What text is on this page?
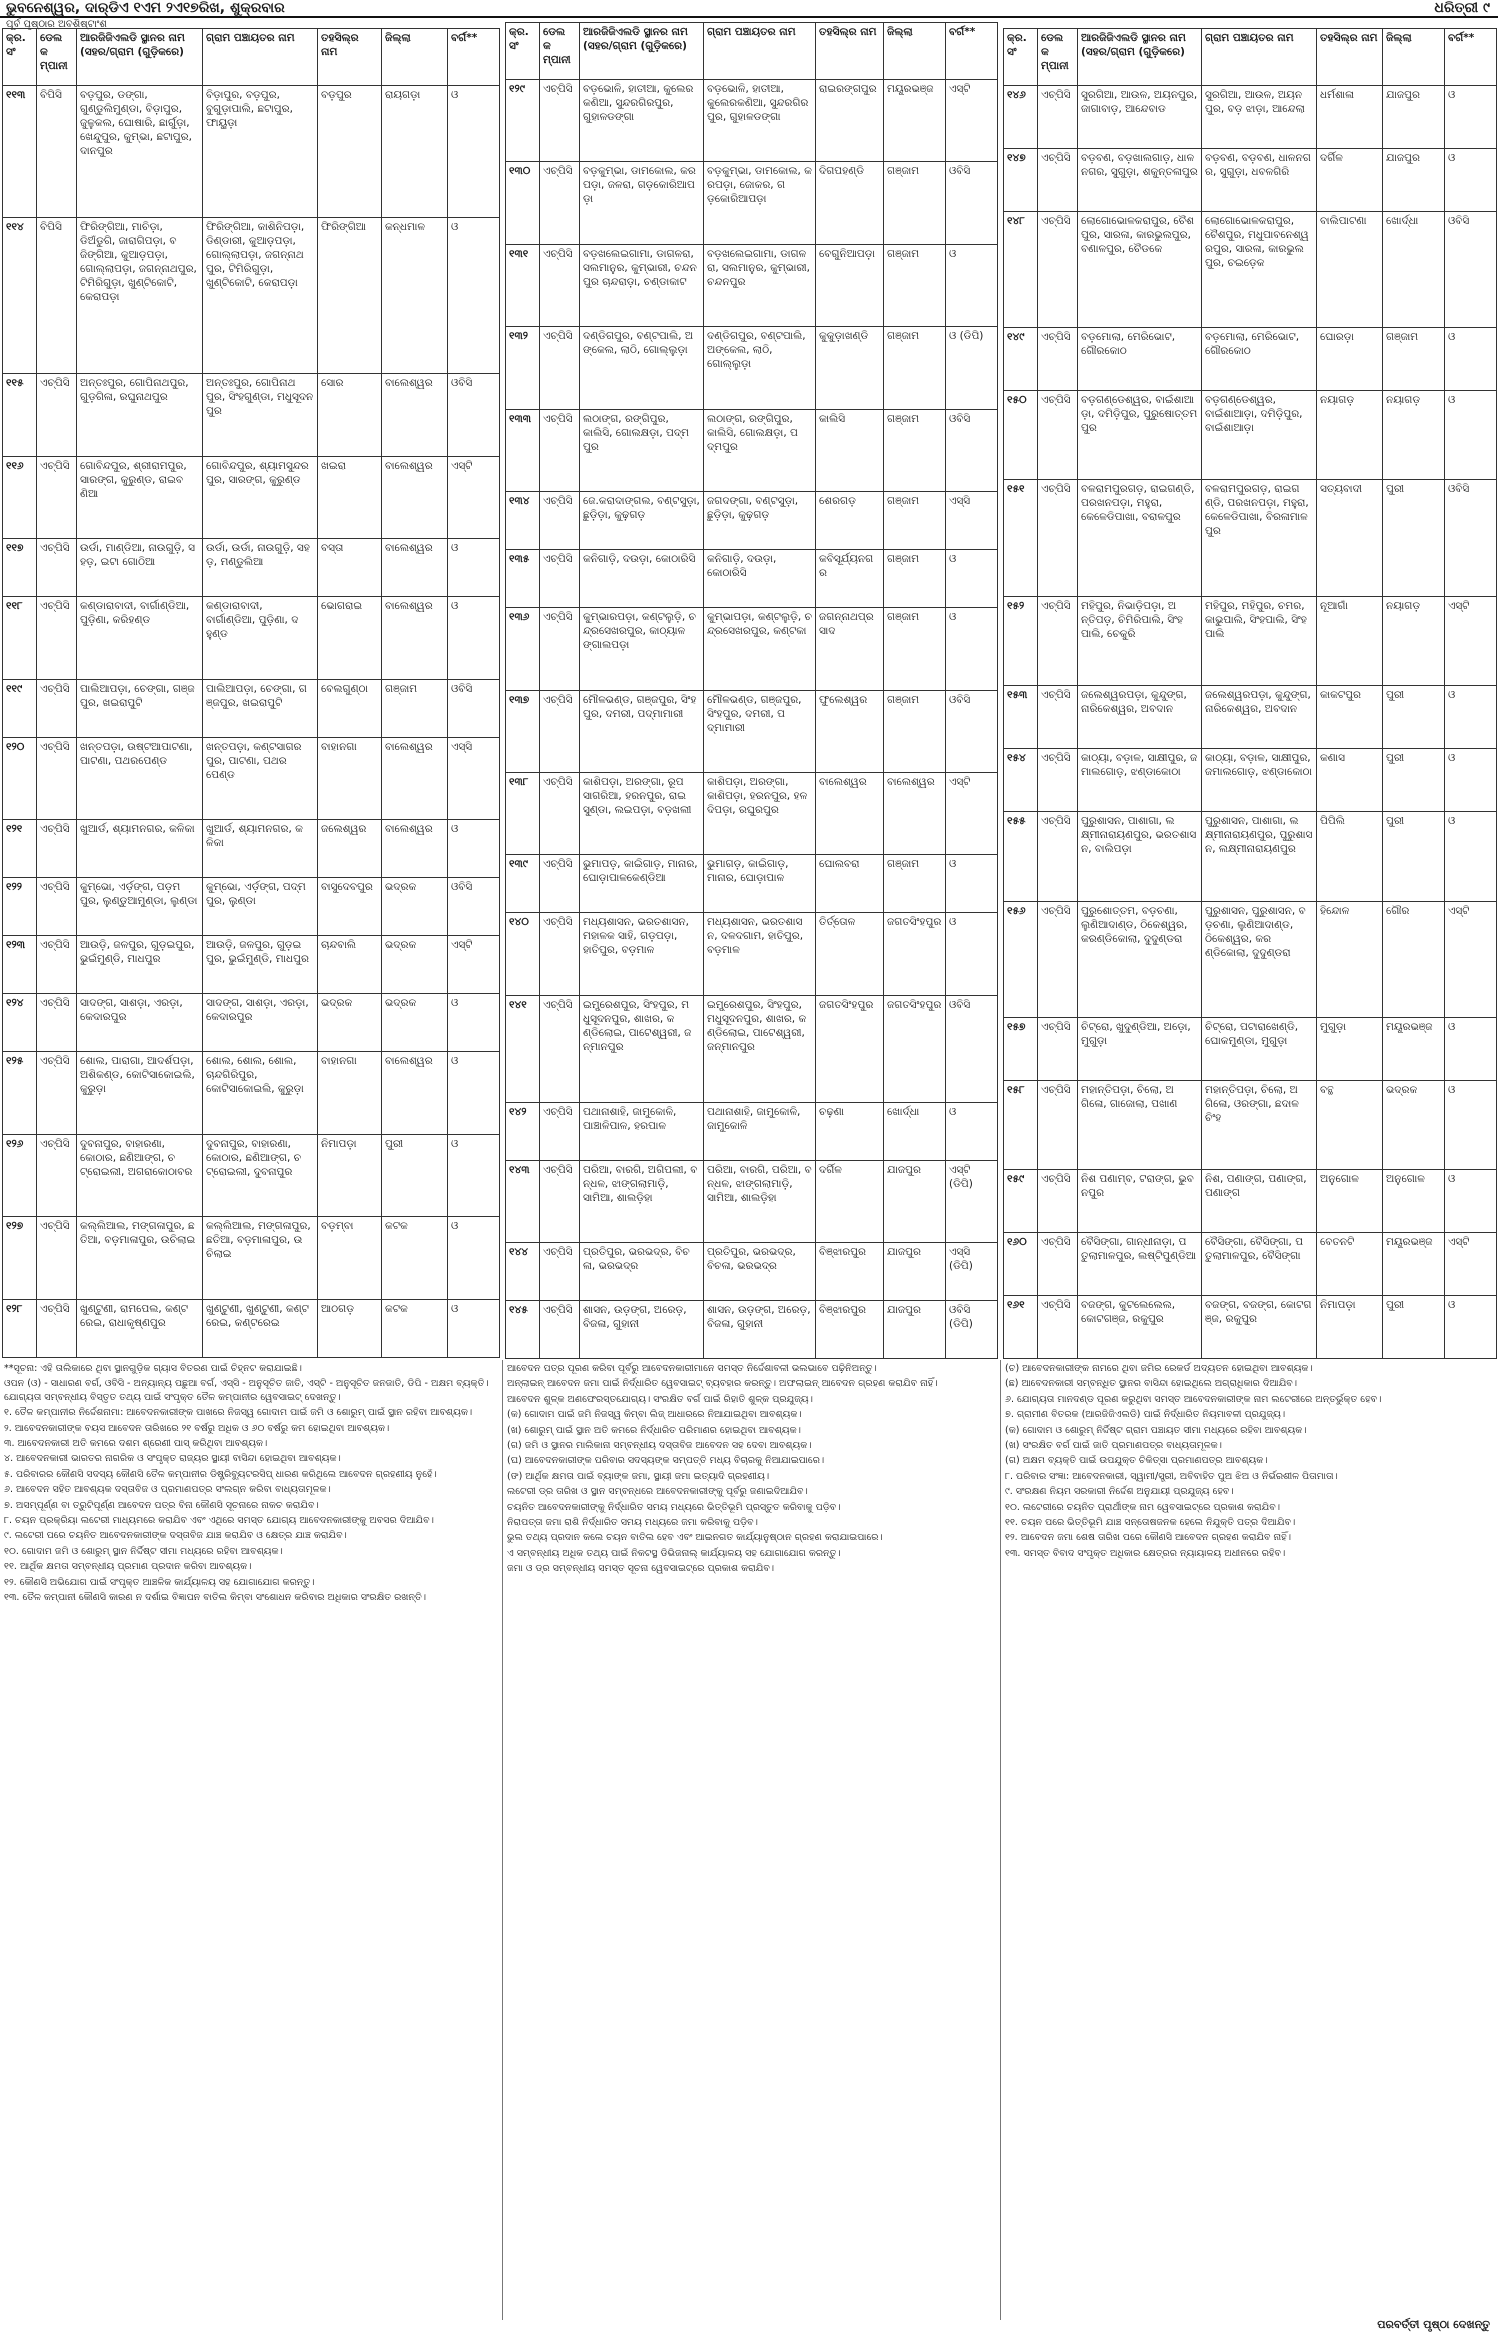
ଭୁବନେଶ୍ୱର, ଦାର୍‌ଡିଏ ୧ଏମ ୨ଏ୧୭ରିଖ, ଶୁକ୍ରବାର	ଧରିତ୍ରୀ ୯
ପୂର୍ବ ପୃଷ୍ଠାର ଅବଶିଷ୍ଟାଂଶ
କ୍ର. ସଂ	ଡେଲ କମ୍ପାନୀ	ଆରଜିଜିଏଲଡି ସ୍ଥାନର ନାମ (ସହର/ଗ୍ରାମ (ଗୁଡ଼ିକରେ)	ଗ୍ରାମ ପଞ୍ଚାୟତର ନାମ	ତହସିଲ୍‌ର ନାମ	ଜିଲ୍ଲା	ବର୍ଗ**
୧୧୩	ବିପିସି	ବଡ଼ପୁର, ଡଙ୍ଗା, ଗୁଣ୍ଡୁଲିମୁଣ୍ଡା, ବିଡ଼ାପୁର, ଜୁଳୁକଲ, ଘୋଷାରି, ଛାର୍ଗୁଡ଼ା, ଖେନ୍ଦୁପୁର, କୁମ୍ଭା, ଛଟାପୁର, ଦାନପୁର	ବିଡ଼ାପୁର, ବଡ଼ପୁର, ବୁଗୁଡ଼ାପାଲି, ଛଟାପୁର, ଫାୟୁଡ଼ା	ବଡ଼ପୁର	ରାୟଗଡ଼ା	ଓ
୧୧୪	ବିପିସି	ଫିରିଙ୍ଗିଆ, ମାଚିଡ଼ା, ଡିଅଁଡୁଗି, ଜାରାଗିପଡ଼ା, ବଜିଙ୍ଗିଆ, କୁଆଡ଼ପଡ଼ା, ଗୋଲ୍ଲାପଡ଼ା, ଜଗନ୍ନାଥପୁର, ଟିମିରିଗୁଡ଼ା, ଖୁଣ୍ଟିକୋଟି, କେରାପଡ଼ା	ଫିରିଙ୍ଗିଆ, କାଶିନିପଡ଼ା, ଡିଣ୍ଡାରୀ, କୁଆଡ଼ପଡ଼ା, ଗୋଲ୍ଲାପଡ଼ା, ଜଗନ୍ନାଥପୁର, ଟିମିରିଗୁଡ଼ା, ଖୁଣ୍ଟିକୋଟି, କେରାପଡ଼ା	ଫିରିଙ୍ଗିଆ	କନ୍ଧମାଳ	ଓ
୧୧୫	ଏଚ୍‌ପିସି	ଅନ୍ତଃପୁର, ଗୋପିନାଥପୁର, ଗୁଡ଼ଗିଳା, ରଘୁନାଥପୁର	ଅନ୍ତଃପୁର, ଗୋପିନାଥପୁର, ସିଂହଗୁଣ୍ଡା, ମଧୁସୂଦନପୁର	ସୋର	ବାଲେଶ୍ୱର	ଓବିସି
୧୧୬	ଏଚ୍‌ପିସି	ଗୋବିନ୍ଦପୁର, ଶ୍ରୀରାମପୁର, ସାରଙ୍ଗ, କୁରୁଣ୍ଡ, ରାଇବଣିଆ	ଗୋବିନ୍ଦପୁର, ଶ୍ୟାମସୁନ୍ଦରପୁର, ସାରଙ୍ଗ, କୁରୁଣ୍ଡ	ଖଇରା	ବାଲେଶ୍ୱର	ଏସ୍‌ଟି
୧୧୭	ଏଚ୍‌ପିସି	ଉର୍ଡା, ମାଣ୍ଡିଆ, ନାଉଗୁଡ଼ି, ସହଡ଼, ଇଟା ଗୋଠିଆ	ଉର୍ଡା, ଉର୍ଡା, ନାଉଗୁଡ଼ି, ସହଡ଼, ମଣ୍ଡୁଲିଆ	ବସ୍ତା	ବାଲେଶ୍ୱର	ଓ
୧୧୮	ଏଚ୍‌ପିସି	କଣ୍ଡାରାବାଦୀ, ବାର୍ଗାଣ୍ଡିଆ, ପୁଡ଼ିଣା, କରିହଣ୍ଡ	କଣ୍ଡାରାବାଦୀ, ବାର୍ଗାଣ୍ଡିଆ, ପୁଡ଼ିଣା, ଦହୁଣ୍ଡ	ଭୋଗରାଇ	ବାଲେଶ୍ୱର	ଓ
୧୧୯	ଏଚ୍‌ପିସି	ପାଲିଆପଡ଼ା, ଚେଙ୍ଗା, ଗଞ୍ଜପୁର, ଖଇରାପୁଟି	ପାଲିଆପଡ଼ା, ଚେଙ୍ଗା, ଗଞ୍ଜପୁର, ଖଇରାପୁଟି	ବେଲଗୁଣ୍ଠା	ଗଞ୍ଜାମ	ଓବିସି
୧୨୦	ଏଚ୍‌ପିସି	ଖନ୍ତପଡ଼ା, ଉଷ୍ଟଆପାଟଣା, ପାଟଣା, ପଥରପେଣ୍ଡ	ଖନ୍ତପଡ଼ା, କଣ୍ଟସାଗରପୁର, ପାଟଣା, ପଥରପେଣ୍ଡ	ବାହାନଗା	ବାଲେଶ୍ୱର	ଏସ୍‌ସି
୧୨୧	ଏଚ୍‌ପିସି	ଖୁଆର୍ଡ, ଶ୍ୟାମନଗର, କଳିକା	ଖୁଆର୍ଡ, ଶ୍ୟାମନଗର, କଳିକା	ଜଲେଶ୍ୱର	ବାଲେଶ୍ୱର	ଓ
୧୨୨	ଏଚ୍‌ପିସି	କୁମ୍ଭୋ, ଏର୍ଡ଼ଙ୍ଗ, ପଡ଼ମପୁର, ଲୁଣ୍ଡୁଆମୁଣ୍ଡା, ଲୁଣ୍ଡା	କୁମ୍ଭୋ, ଏର୍ଡ଼ଙ୍ଗ, ପଦ୍ମପୁର, ଲୁଣ୍ଡା	ବାସୁଦେବପୁର	ଭଦ୍ରକ	ଓବିସି
୧୨୩	ଏଚ୍‌ପିସି	ଆଉଡ଼ି, ଜଳପୁର, ଗୁଡ଼ଇପୁର, ଭୁଇଁମୁଣ୍ଡି, ମାଧପୁର	ଆଉଡ଼ି, ଜଳପୁର, ଗୁଡ଼ଇପୁର, ଭୁଇଁମୁଣ୍ଡି, ମାଧପୁର	ଚାନ୍ଦବାଲି	ଭଦ୍ରକ	ଏସ୍‌ଟି
୧୨୪	ଏଚ୍‌ପିସି	ସାଦଙ୍ଗ, ସାଶଡ଼ା, ଏରଡ଼ା, କେଦାରପୁର	ସାଦଙ୍ଗ, ସାଶଡ଼ା, ଏରଡ଼ା, କେଦାରପୁର	ଭଦ୍ରକ	ଭଦ୍ରକ	ଓ
୧୨୫	ଏଚ୍‌ପିସି	ଶୋଲ, ପାରାଗା, ଆଦର୍ଶପଡ଼ା, ଅଶିକଣ୍ଡ, କୋଟିସାକୋଇଲି, କୁରୁଡ଼ା	ଶୋଲ, ଶୋଲ, ଶୋଲ, ଚାନ୍ଦଗିରିପୁର, କୋଟିସାକୋଇଲି, କୁରୁଡ଼ା	ବାହାନଗା	ବାଲେଶ୍ୱର	ଓ
୧୨୬	ଏଚ୍‌ପିସି	ଦୁବନାପୁର, ବାହାରଣା, କୋଠାର, ଛଣିଆଙ୍ଗ, ଚଟ୍ରୋଇଲୀ, ଅଗରାକୋଠାବର	ଦୁବନାପୁର, ବାହାରଣା, କୋଠାର, ଛଣିଆଙ୍ଗ, ଚଟ୍ରୋଇଲୀ, ଦୁବନାପୁର	ନିମାପଡ଼ା	ପୁରୀ	ଓ
୧୨୭	ଏଚ୍‌ପିସି	କଲ୍ଲିଆଲ, ମଙ୍ଗଳାପୁର, ଛତିଆ, ବଡ଼ମାଳାପୁର, ଉଚିଲାଇ	କଲ୍ଲିଆଲ, ମଙ୍ଗଳାପୁର, ଛତିଆ, ବଡ଼ମାଳାପୁର, ଉଚିଲାଇ	ବଡ଼ମ୍ବା	କଟକ	ଓ
୧୨୮	ଏଚ୍‌ପିସି	ଖୁଣ୍ଟୁଣୀ, ରାମପେଲ, କଣ୍ଟରେଇ, ରାଧାକୃଷ୍ଣପୁର	ଖୁଣ୍ଟୁଣୀ, ଖୁଣ୍ଟୁଣୀ, କଣ୍ଟରେଇ, କଣ୍ଟରେଇ	ଆଠଗଡ଼	କଟକ	ଓ
କ୍ର. ସଂ	ଡେଲ କମ୍ପାନୀ	ଆରଜିଜିଏଲଡି ସ୍ଥାନର ନାମ (ସହର/ଗ୍ରାମ (ଗୁଡ଼ିକରେ)	ଗ୍ରାମ ପଞ୍ଚାୟତର ନାମ	ତହସିଲ୍‌ର ନାମ	ଜିଲ୍ଲା	ବର୍ଗ**
୧୨୯	ଏଚ୍‌ପିସି	ବଡ଼ଭୋଳି, ହାତୀଆ, କୁଲେରକଣିଆ, ସୁନ୍ଦରଗିରପୁର, ଗୁହାଳଡଙ୍ଗା	ବଡ଼ଭୋଳି, ହାତୀଆ, କୁଲେରକଣିଆ, ସୁନ୍ଦରଗିରପୁର, ଗୁହାଳଡଙ୍ଗା	ରାଇରଙ୍ଗପୁର	ମୟୂରଭଞ୍ଜ	ଏସ୍‌ଟି
୧୩୦	ଏଚ୍‌ପିସି	ବଡ଼କୁମ୍ଭା, ଡାମକୋଲ, କରପଡ଼ା, ଜଳରା, ଗଡ଼କୋରିଆପଡ଼ା	ବଡ଼କୁମ୍ଭା, ଡାମକୋଲ, କରପଡ଼ା, ଜୋକର, ଗଡ଼କୋରିଆପଡ଼ା	ଦିଗପହଣ୍ଡି	ଗଞ୍ଜାମ	ଓବିସି
୧୩୧	ଏଚ୍‌ପିସି	ବଡ଼ଖଲେଇଗାମା, ଡାଗଳରା, ସଲମାନୁର, କୁମ୍ଭାରୀ, ଚନ୍ଦନପୁର ଚାନ୍ଦରାଡ଼ା, ଚଣ୍ଡାକାଟ	ବଡ଼ଖଲେଇଗାମା, ଡାଗଳରା, ସଲମାନୁର, କୁମ୍ଭାରୀ, ଚନ୍ଦନପୁର	ବେଗୁନିଆପଡ଼ା	ଗଞ୍ଜାମ	ଓ
୧୩୨	ଏଚ୍‌ପିସି	ଦଣ୍ଡିଗପୁର, ବଣ୍ଟପାଲି, ଅଙ୍କେଲ, ଲାଠି, ଗୋଲ୍ଲୁଡ଼ା	ଦଣ୍ଡିଗପୁର, ବଣ୍ଟପାଲି, ଅଙ୍କେଲ, ଲାଠି, ଗୋଲ୍ଲୁଡ଼ା	କୁକୁଡ଼ାଖଣ୍ଡି	ଗଞ୍ଜାମ	ଓ (ଡିପି)
୧୩୩	ଏଚ୍‌ପିସି	ଲଠାଙ୍ଗ, ରଙ୍ଗିପୁର, କାଲିସି, ଗୋଲକ୍ଷଡ଼ା, ପଦ୍ମପୁର	ଲଠାଙ୍ଗ, ରଙ୍ଗିପୁର, କାଲିସି, ଗୋଲକ୍ଷଡ଼ା, ପଦ୍ମପୁର	କାଲିସି	ଗଞ୍ଜାମ	ଓବିସି
୧୩୪	ଏଚ୍‌ପିସି	ଜେ.କରାଦାଙ୍ଗଲ, ବଣ୍ଟସୁଡ଼ା, ଛୁଡ଼ିଡ଼ା, କୁଢ଼ଗଡ଼	ଜଗଦଙ୍ଗା, ବଣ୍ଟସୁଡ଼ା, ଛୁଡ଼ିଡ଼ା, କୁଢ଼ଗଡ଼	ଶେରଗଡ଼	ଗଞ୍ଜାମ	ଏସ୍‌ସି
୧୩୫	ଏଚ୍‌ପିସି	କନିଗାଡ଼ି, ଦଉଡ଼ା, କୋଠାରିସି	କନିଗାଡ଼ି, ଦଉଡ଼ା, କୋଠାରିସି	କବିସୂର୍ଯ୍ୟନଗର	ଗଞ୍ଜାମ	ଓ
୧୩୬	ଏଚ୍‌ପିସି	କୁମ୍ଭାରପଡ଼ା, କଣ୍ଟଲୁଡ଼ି, ଚନ୍ଦ୍ରସେଖରପୁର, କାଠ୍ୟାଳଙ୍ଗାଲପଡ଼ା	କୁମ୍ଭାପଡ଼ା, କଣ୍ଟଲୁଡ଼ି, ଚନ୍ଦ୍ରସେଖରପୁର, କଣ୍ଟକା	ଜଗନ୍ନାଥପ୍ରସାଦ	ଗଞ୍ଜାମ	ଓ
୧୩୭	ଏଚ୍‌ପିସି	ମୌଳଭଣ୍ଡ, ଗଞ୍ଜପୁର, ସିଂହପୁର, ଦମରୀ, ପଦ୍ମାମାରୀ	ମୌଳଭଣ୍ଡ, ଗଞ୍ଜପୁର, ସିଂହପୁର, ଦମରୀ, ପଦ୍ମାମାରୀ	ଫୁଲେଶ୍ୱର	ଗଞ୍ଜାମ	ଓବିସି
୧୩୮	ଏଚ୍‌ପିସି	କାଶିପଡ଼ା, ଅରଙ୍ଗା, ରୂପସାଗରିଆ, ହରନପୁର, ରାଇସୁଣ୍ଡା, ଲଇପଡ଼ା, ବଡ଼ଖଲୀ	କାଶିପଡ଼ା, ଅରଙ୍ଗା, କାଶିପଡ଼ା, ହରନପୁର, ହଳଦିପଡ଼ା, ରଘୁରପୁର	ବାଲେଶ୍ୱର	ବାଲେଶ୍ୱର	ଏସ୍‌ଟି
୧୩୯	ଏଚ୍‌ପିସି	ଭୁମାପଡ଼, କାଇିଗାଡ଼, ମାନାର, ଘୋଡ଼ାପାଳକେଣ୍ଡିଆ	ଭୁମାଗଡ଼, କାଇିଗାଡ଼, ମାନାର, ଘୋଡ଼ାପାଳ	ଘୋଲବରା	ଗଞ୍ଜାମ	ଓ
୧୪୦	ଏଚ୍‌ପିସି	ମଧ୍ୟଶାସନ, ଭରତଶାସନ, ମହାଳକ ସାହି, ଗଡ଼ପଡ଼ା, ହାତିପୁର, ବଡ଼ମାଳ	ମଧ୍ୟଶାସନ, ଭରତଶାସନ, ଦଳଦଗାମ, ହାତିପୁର, ବଡ଼ମାଳ	ତିର୍ତ୍ତୋଳ	ଜଗତସିଂହପୁର	ଓ
୧୪୧	ଏଚ୍‌ପିସି	ଇମ୍ପ୍ରେଶପୁର, ସିଂହପୁର, ମଧୁସୂଦନପୁର, ଶାଖର, କଣ୍ଡିଲୋଇ, ପାଟେଶ୍ୱରୀ, ଜନ୍ମାନପୁର	ଇମ୍ପ୍ରେଶପୁର, ସିଂହପୁର, ମଧୁସୂଦନପୁର, ଶାଖର, କଣ୍ଡିଲୋଇ, ପାଟେଶ୍ୱରୀ, ଜନ୍ମାନପୁର	ଜଗତସିଂହପୁର	ଜଗତସିଂହପୁର	ଓବିସି
୧୪୨	ଏଚ୍‌ପିସି	ପଥାନାଶାହି, ଜାମୁକୋଳି, ପାଞ୍ଚାଳିପାଳ, ହରପାଳ	ପଥାନାଶାହି, ଜାମୁକୋଳି, ଜାମୁକୋଳି	ଚଢ଼ଣା	ଖୋର୍ଦ୍ଧା	ଓ
୧୪୩	ଏଚ୍‌ପିସି	ପରିଆ, ବାରଗି, ଅଗିପଲୀ, ବନ୍ଧଳ, ଝାଙ୍ଗଲାମାଡ଼ି, ସାମିଆ, ଶାଲଡ଼ିହା	ପରିଆ, ବାରଗି, ପରିଆ, ବନ୍ଧଳ, ଝାଙ୍ଗଲାମାଡ଼ି, ସାମିଆ, ଶାଲଡ଼ିହା	ଦର୍ଗିଳ	ଯାଜପୁର	ଏସ୍‌ଟି (ଡିପି)
୧୪୪	ଏଚ୍‌ପିସି	ପ୍ରତିପୁର, ଭରଭଦ୍ର, ବିଚଳା, ଭରଭଦ୍ର	ପ୍ରତିପୁର, ଭରଭଦ୍ର, ବିଚଳା, ଭରଭଦ୍ର	ବିଞ୍ଝାରପୁର	ଯାଜପୁର	ଏସ୍‌ସି (ଡିପି)
୧୪୫	ଏଚ୍‌ପିସି	ଶାସନ, ଉଡ଼ଙ୍ଗ, ଅରେଡ଼, ବିଜଳା, ଗୁହାନୀ	ଶାସନ, ଉଡ଼ଙ୍ଗ, ଅରେଡ଼, ବିଜଳା, ଗୁହାନୀ	ବିଞ୍ଝାରପୁର	ଯାଜପୁର	ଓବିସି (ଡିପି)
କ୍ର. ସଂ	ଡେଲ କମ୍ପାନୀ	ଆରଜିଜିଏଲଡି ସ୍ଥାନର ନାମ (ସହର/ଗ୍ରାମ (ଗୁଡ଼ିକରେ)	ଗ୍ରାମ ପଞ୍ଚାୟତର ନାମ	ତହସିଲ୍‌ର ନାମ	ଜିଲ୍ଲା	ବର୍ଗ**
୧୪୬	ଏଚ୍‌ପିସି	ସୁରଗିଆ, ଆଉଳ, ଅୟନପୁର, ଜାଗାବାଡ଼, ଆନ୍ଦେବାଡ	ସୁରଗିଆ, ଆଉଳ, ଅୟନପୁର, ବଡ଼ ଝାଡ଼ା, ଆନ୍ଦେଲା	ଧର୍ମଶାଳା	ଯାଜପୁର	ଓ
୧୪୭	ଏଚ୍‌ପିସି	ବଡ଼ବଣ, ବଡ଼ଖାଲଗାଡ଼, ଧାଳନଗର, ସୁଗୁଡ଼ା, ଶକୁନ୍ତଳାପୁର	ବଡ଼ବଣ, ବଡ଼ବଣ, ଧାଳନଗର, ସୁଗୁଡ଼ା, ଧବଳଗିରି	ଦର୍ଗିଳ	ଯାଜପୁର	ଓ
୧୪୮	ଏଚ୍‌ପିସି	ଲୋଗୋଭୋଳକରାପୁର, ଚୈଶପୁର, ସାରଳା, କାରଭୁଲପୁର, ବଣାଳପୁର, ଚୈଡକେ	ଲୋଗୋଭୋଳକରାପୁର, ଚୈଶପୁର, ମଧୁପାବନେଶ୍ୱରପୁର, ସାରଳା, କାରଭୁଲପୁର, ଚଇଡ଼େକ	ବାଲିପାଟଣା	ଖୋର୍ଦ୍ଧା	ଓବିସି
୧୪୯	ଏଚ୍‌ପିସି	ବଡ଼ମୋଲା, ମେରିଭୋଟ, ଗୌରକୋଠ	ବଡ଼ମୋଲା, ମେରିଭୋଟ, ଗୌରକୋଠ	ଘୋରଡ଼ା	ଗଞ୍ଜାମ	ଓ
୧୫୦	ଏଚ୍‌ପିସି	ବଡ଼ଗଣ୍ଡେଶ୍ୱର, ବାଇଁଶାଆଡ଼ା, ଦମିଡ଼ିପୁର, ପୁରୁଷୋତ୍ତମପୁର	ବଡ଼ଗଣ୍ଡେଶ୍ୱର, ବାଇଁଶାଆଡ଼ା, ଦମିଡ଼ିପୁର, ବାଇଁଶାଆଡ଼ା	ନୟାଗଡ଼	ନୟାଗଡ଼	ଓ
୧୫୧	ଏଚ୍‌ପିସି	ବଳରାମପୁରଗଡ଼, ରାଇଗଣ୍ଡି, ପରଖନପଡ଼ା, ମହୁରା, କେଳେଡିପାଖା, ବରାଳପୁର	ବଳରାମପୁରଗଡ଼, ରାଇଗଣ୍ଡି, ପରଖନପଡ଼ା, ମହୁରା, କେଳେଡିପାଖା, ବିରଳାମାଳପୁର	ସତ୍ୟବାଦୀ	ପୁରୀ	ଓବିସି
୧୫୨	ଏଚ୍‌ପିସି	ମହିପୁର, ନିଭାଡ଼ିପଡ଼ା, ଅନ୍ତିପଡ଼, ଚିମିରିପାଲି, ସିଂହପାଲି, ଚେକୁରି	ମହିପୁର, ମହିପୁର, ଚମର, କାଭୁପାଲି, ସିଂହପାଲି, ସିଂହପାଲି	ନୂଆଗାଁ	ନୟାଗଡ଼	ଏସ୍‌ଟି
୧୫୩	ଏଚ୍‌ପିସି	ଜଲେଶ୍ୱରପଡ଼ା, କୁନ୍ଦୁଙ୍ଗ, ନାରିକେଶ୍ୱର, ଅବଦାନ	ଜଲେଶ୍ୱରପଡ଼ା, କୁନ୍ଦୁଙ୍ଗ, ନାରିକେଶ୍ୱର, ଅବଦାନ	କାକଟପୁର	ପୁରୀ	ଓ
୧୫୪	ଏଚ୍‌ପିସି	କାଠ୍ୟା, ବଡ଼ାଳ, ସାକ୍ଷୀପୁର, ଜମାଲଗୋଡ଼, ଝଣ୍ଡାକୋଠା	କାଠ୍ୟା, ବଡ଼ାଳ, ସାକ୍ଷୀପୁର, ଜମାଲଗୋଡ଼, ଝଣ୍ଡାକୋଠା	କଣାସ	ପୁରୀ	ଓ
୧୫୫	ଏଚ୍‌ପିସି	ପୁରୁଶାସନ, ପାଶାଗା, ଲକ୍ଷ୍ମୀନାରାୟଣପୁର, ଭରତଶାସନ, ବାଲିପଡ଼ା	ପୁରୁଶାସନ, ପାଶାଗା, ଲକ୍ଷ୍ମୀନାରାୟଣପୁର, ପୁରୁଶାସନ, ଲକ୍ଷ୍ମୀନାରାୟଣପୁର	ପିପିଲି	ପୁରୀ	ଓ
୧୫୬	ଏଚ୍‌ପିସି	ପୁରୁଶୋତ୍ତମ, ବଡ଼ଚଣା, ଲୁଣିଆଦାଣ୍ଡ, ଠିକେଶ୍ୱର, କରଣ୍ଡିକୋଲା, ଦୁଦୁଣ୍ଡରା	ପୁରୁଶାସନ, ପୁରୁଶାସନ, ବଡ଼ଚଣା, ଲୁଣିଆଦାଣ୍ଡ, ଠିକେଶ୍ୱର, କରଣ୍ଡିକୋଲା, ଦୁଦୁଣ୍ଡରା	ହିନ୍ଦୋଳ	ଗୌର	ଏସ୍‌ଟି
୧୫୭	ଏଚ୍‌ପିସି	ଚିଟ୍ରୋ, ଖୁଦୁଣ୍ଡିଆ, ଅଡ଼ୋ, ମୁଗୁଡ଼ା	ଚିଟ୍ରୋ, ପଟାରାଖେଣ୍ଡି, ଘୋକମୁଣ୍ଡା, ମୁଗୁଡ଼ା	ମୁଗୁଡ଼ା	ମୟୂରଭଞ୍ଜ	ଓ
୧୫୮	ଏଚ୍‌ପିସି	ମହାନ୍ତିପଡ଼ା, ଚିଲୋ, ଅଗିଳୋ, ଗାଜୋଲା, ପଖାଣ	ମହାନ୍ତିପଡ଼ା, ଚିଲୋ, ଅଗିଳୋ, ଓରଙ୍ଗା, ଛଦାଳଚିଂହ	ବନ୍ଥ	ଭଦ୍ରକ	ଓ
୧୫୯	ଏଚ୍‌ପିସି	ନିଶ ପଣାମ୍ବ, ଟରାଙ୍ଗ, ଭୁବନପୁର	ନିଶ, ପଣାଙ୍ଗ, ପଣାଙ୍ଗ, ପଣାଙ୍ଗ	ଅନୁଗୋଳ	ଅନୁଗୋଳ	ଓ
୧୬୦	ଏଚ୍‌ପିସି	ବୈସିଙ୍ଗା, ଗାନ୍ଧୀନାଡ଼ା, ପତୁଲାମାଳପୁର, ଲଷ୍ଟିପୁଣ୍ଡିଆ	ବୈସିଙ୍ଗା, ବୈସିଙ୍ଗା, ପତୁଲାମାଳପୁର, ବୈସିଙ୍ଗା	ବେତନଟି	ମୟୂରଭଞ୍ଜ	ଏସ୍‌ଟି
୧୬୧	ଏଚ୍‌ପିସି	ବଜଙ୍ଗ, କୁଟଲେଲେଲ, କୋଟଗଞ୍ଜ, ରକୁପୁର	ବଜଙ୍ଗ, ବଜଙ୍ଗ, କୋଟଗଞ୍ଜ, ରକୁପୁର	ନିମାପଡ଼ା	ପୁରୀ	ଓ

**ସୂଚନା: ଏହି ତାଲିକାରେ ଥିବା ସ୍ଥାନଗୁଡ଼ିକ ଗ୍ୟାସ ବିତରଣ ପାଇଁ ଚିହ୍ନଟ କରାଯାଇଛି।

ଓପନ (ଓ) - ସାଧାରଣ ବର୍ଗ, ଓବିସି - ଅନ୍ୟାନ୍ୟ ପଛୁଆ ବର୍ଗ, ଏସ୍‌ସି - ଅନୁସୂଚିତ ଜାତି, ଏସ୍‌ଟି - ଅନୁସୂଚିତ ଜନଜାତି, ଡିପି - ଅକ୍ଷମ ବ୍ୟକ୍ତି। ଯୋଗ୍ୟତା ସମ୍ବନ୍ଧୀୟ ବିସ୍ତୃତ ତଥ୍ୟ ପାଇଁ ସଂପୃକ୍ତ ତୈଳ କମ୍ପାନୀର ୱେବସାଇଟ୍ ଦେଖନ୍ତୁ।

୧. ତୈଳ କମ୍ପାନୀର ନିର୍ଦ୍ଦେଶନାମା: ଆବେଦନକାରୀଙ୍କ ପାଖରେ ନିଜସ୍ୱ ଗୋଦାମ ପାଇଁ ଜମି ଓ ଶୋରୁମ୍ ପାଇଁ ସ୍ଥାନ ରହିବା ଆବଶ୍ୟକ।

୨. ଆବେଦନକାରୀଙ୍କ ବୟସ ଆବେଦନ ତାରିଖରେ ୨୧ ବର୍ଷରୁ ଅଧିକ ଓ ୬୦ ବର୍ଷରୁ କମ ହୋଇଥିବା ଆବଶ୍ୟକ।

୩. ଆବେଦନକାରୀ ଅତି କମରେ ଦଶମ ଶ୍ରେଣୀ ପାସ୍ କରିଥିବା ଆବଶ୍ୟକ।

୪. ଆବେଦନକାରୀ ଭାରତର ନାଗରିକ ଓ ସଂପୃକ୍ତ ରାଜ୍ୟର ସ୍ଥାୟୀ ବାସିନ୍ଦା ହୋଇଥିବା ଆବଶ୍ୟକ।

୫. ପରିବାରର କୌଣସି ସଦସ୍ୟ କୌଣସି ତୈଳ କମ୍ପାନୀର ଡିଷ୍ଟ୍ରିବ୍ୟୁଟରସିପ୍ ଧାରଣ କରିଥିଲେ ଆବେଦନ ଗ୍ରହଣୀୟ ନୁହେଁ।

୬. ଆବେଦନ ସହିତ ଆବଶ୍ୟକ ଦସ୍ତାବିଜ ଓ ପ୍ରମାଣପତ୍ର ସଂଲଗ୍ନ କରିବା ବାଧ୍ୟତାମୂଳକ।

୭. ଅସମ୍ପୂର୍ଣ୍ଣ ବା ତ୍ରୁଟିପୂର୍ଣ୍ଣ ଆବେଦନ ପତ୍ର ବିନା କୌଣସି ସୂଚନାରେ ନାକଚ କରାଯିବ।

୮. ଚୟନ ପ୍ରକ୍ରିୟା ଲଟେରୀ ମାଧ୍ୟମରେ କରାଯିବ ଏବଂ ଏଥିରେ ସମସ୍ତ ଯୋଗ୍ୟ ଆବେଦନକାରୀଙ୍କୁ ଅବସର ଦିଆଯିବ।

୯. ଲଟେରୀ ପରେ ଚୟନିତ ଆବେଦନକାରୀଙ୍କ ଦସ୍ତାବିଜ ଯାଞ୍ଚ କରାଯିବ ଓ କ୍ଷେତ୍ର ଯାଞ୍ଚ କରାଯିବ।

୧୦. ଗୋଦାମ ଜମି ଓ ଶୋରୁମ୍ ସ୍ଥାନ ନିର୍ଦ୍ଦିଷ୍ଟ ସୀମା ମଧ୍ୟରେ ରହିବା ଆବଶ୍ୟକ।

୧୧. ଆର୍ଥିକ କ୍ଷମତା ସମ୍ବନ୍ଧୀୟ ପ୍ରମାଣ ପ୍ରଦାନ କରିବା ଆବଶ୍ୟକ।

୧୨. କୌଣସି ଅଭିଯୋଗ ପାଇଁ ସଂପୃକ୍ତ ଆଞ୍ଚଳିକ କାର୍ଯ୍ୟାଳୟ ସହ ଯୋଗାଯୋଗ କରନ୍ତୁ।

୧୩. ତୈଳ କମ୍ପାନୀ କୌଣସି କାରଣ ନ ଦର୍ଶାଇ ବିଜ୍ଞାପନ ବାତିଲ କିମ୍ବା ସଂଶୋଧନ କରିବାର ଅଧିକାର ସଂରକ୍ଷିତ ରଖନ୍ତି।

ଆବେଦନ ପତ୍ର ପୂରଣ କରିବା ପୂର୍ବରୁ ଆବେଦନକାରୀମାନେ ସମସ୍ତ ନିର୍ଦ୍ଦେଶାବଳୀ ଭଲଭାବେ ପଢ଼ିନିଅନ୍ତୁ।

ଅନ୍ଲାଇନ୍ ଆବେଦନ ଜମା ପାଇଁ ନିର୍ଦ୍ଧାରିତ ୱେବସାଇଟ୍ ବ୍ୟବହାର କରନ୍ତୁ। ଅଫଲାଇନ୍ ଆବେଦନ ଗ୍ରହଣ କରାଯିବ ନାହିଁ।

ଆବେଦନ ଶୁଳ୍କ ଅଣଫେରସ୍ତଯୋଗ୍ୟ। ସଂରକ୍ଷିତ ବର୍ଗ ପାଇଁ ରିହାତି ଶୁଳ୍କ ପ୍ରଯୁଜ୍ୟ।

(କ) ଗୋଦାମ ପାଇଁ ଜମି ନିଜସ୍ୱ କିମ୍ବା ଲିଜ୍ ଆଧାରରେ ନିଆଯାଇଥିବା ଆବଶ୍ୟକ।

(ଖ) ଶୋରୁମ୍ ପାଇଁ ସ୍ଥାନ ଅତି କମରେ ନିର୍ଦ୍ଧାରିତ ପରିମାଣର ହୋଇଥିବା ଆବଶ୍ୟକ।

(ଗ) ଜମି ଓ ସ୍ଥାନର ମାଲିକାନା ସମ୍ବନ୍ଧୀୟ ଦସ୍ତାବିଜ ଆବେଦନ ସହ ଦେବା ଆବଶ୍ୟକ।

(ଘ) ଆବେଦନକାରୀଙ୍କ ପରିବାର ସଦସ୍ୟଙ୍କ ସମ୍ପତ୍ତି ମଧ୍ୟ ବିଚାରକୁ ନିଆଯାଇପାରେ।

(ଙ) ଆର୍ଥିକ କ୍ଷମତା ପାଇଁ ବ୍ୟାଙ୍କ ଜମା, ସ୍ଥାୟୀ ଜମା ଇତ୍ୟାଦି ଗ୍ରହଣୀୟ।

ଲଟେରୀ ଡ୍ର ତାରିଖ ଓ ସ୍ଥାନ ସମ୍ବନ୍ଧରେ ଆବେଦନକାରୀଙ୍କୁ ପୂର୍ବରୁ ଜଣାଇଦିଆଯିବ।

ଚୟନିତ ଆବେଦନକାରୀଙ୍କୁ ନିର୍ଦ୍ଧାରିତ ସମୟ ମଧ୍ୟରେ ଭିତ୍ତିଭୂମି ପ୍ରସ୍ତୁତ କରିବାକୁ ପଡ଼ିବ।

ନିରାପତ୍ତା ଜମା ରାଶି ନିର୍ଦ୍ଧାରିତ ସମୟ ମଧ୍ୟରେ ଜମା କରିବାକୁ ପଡ଼ିବ।

ଭୁଲ ତଥ୍ୟ ପ୍ରଦାନ କଲେ ଚୟନ ବାତିଲ ହେବ ଏବଂ ଆଇନଗତ କାର୍ଯ୍ୟାନୁଷ୍ଠାନ ଗ୍ରହଣ କରାଯାଇପାରେ।

ଏ ସମ୍ବନ୍ଧୀୟ ଅଧିକ ତଥ୍ୟ ପାଇଁ ନିକଟସ୍ଥ ଡିଭିଜନାଲ୍ କାର୍ଯ୍ୟାଳୟ ସହ ଯୋଗାଯୋଗ କରନ୍ତୁ।

ଜମା ଓ ଡ୍ର ସମ୍ବନ୍ଧୀୟ ସମସ୍ତ ସୂଚନା ୱେବସାଇଟ୍‌ରେ ପ୍ରକାଶ କରାଯିବ।

(ଚ) ଆବେଦନକାରୀଙ୍କ ନାମରେ ଥିବା ଜମିର ରେକର୍ଡ ଅଦ୍ୟତନ ହୋଇଥିବା ଆବଶ୍ୟକ।

(ଛ) ଆବେଦନକାରୀ ସମ୍ବନ୍ଧିତ ସ୍ଥାନର ବାସିନ୍ଦା ହୋଇଥିଲେ ଅଗ୍ରାଧିକାର ଦିଆଯିବ।

୬. ଯୋଗ୍ୟତା ମାନଦଣ୍ଡ ପୂରଣ କରୁଥିବା ସମସ୍ତ ଆବେଦନକାରୀଙ୍କ ନାମ ଲଟେରୀରେ ଅନ୍ତର୍ଭୁକ୍ତ ହେବ।

୭. ଗ୍ରାମୀଣ ବିତରକ (ଆରଜିଜିଏଲଡି) ପାଇଁ ନିର୍ଦ୍ଧାରିତ ନିୟମାବଳୀ ପ୍ରଯୁଜ୍ୟ।

(କ) ଗୋଦାମ ଓ ଶୋରୁମ୍ ନିର୍ଦ୍ଦିଷ୍ଟ ଗ୍ରାମ ପଞ୍ଚାୟତ ସୀମା ମଧ୍ୟରେ ରହିବା ଆବଶ୍ୟକ।

(ଖ) ସଂରକ୍ଷିତ ବର୍ଗ ପାଇଁ ଜାତି ପ୍ରମାଣପତ୍ର ବାଧ୍ୟତାମୂଳକ।

(ଗ) ଅକ୍ଷମ ବ୍ୟକ୍ତି ପାଇଁ ଉପଯୁକ୍ତ ଚିକିତ୍ସା ପ୍ରମାଣପତ୍ର ଆବଶ୍ୟକ।

୮. ପରିବାର ସଂଜ୍ଞା: ଆବେଦନକାରୀ, ସ୍ୱାମୀ/ସ୍ତ୍ରୀ, ଅବିବାହିତ ପୁଅ ଝିଅ ଓ ନିର୍ଭରଶୀଳ ପିତାମାତା।

୯. ସଂରକ୍ଷଣ ନିୟମ ସରକାରୀ ନିର୍ଦ୍ଦେଶ ଅନୁଯାୟୀ ପ୍ରଯୁଜ୍ୟ ହେବ।

୧୦. ଲଟେରୀରେ ଚୟନିତ ପ୍ରାର୍ଥୀଙ୍କ ନାମ ୱେବସାଇଟ୍‌ରେ ପ୍ରକାଶ କରାଯିବ।

୧୧. ଚୟନ ପରେ ଭିତ୍ତିଭୂମି ଯାଞ୍ଚ ସନ୍ତୋଷଜନକ ହେଲେ ନିଯୁକ୍ତି ପତ୍ର ଦିଆଯିବ।

୧୨. ଆବେଦନ ଜମା ଶେଷ ତାରିଖ ପରେ କୌଣସି ଆବେଦନ ଗ୍ରହଣ କରାଯିବ ନାହିଁ।

୧୩. ସମସ୍ତ ବିବାଦ ସଂପୃକ୍ତ ଅଧିକାର କ୍ଷେତ୍ରର ନ୍ୟାୟାଳୟ ଅଧୀନରେ ରହିବ।

ପରବର୍ତ୍ତୀ ପୃଷ୍ଠା ଦେଖନ୍ତୁ
